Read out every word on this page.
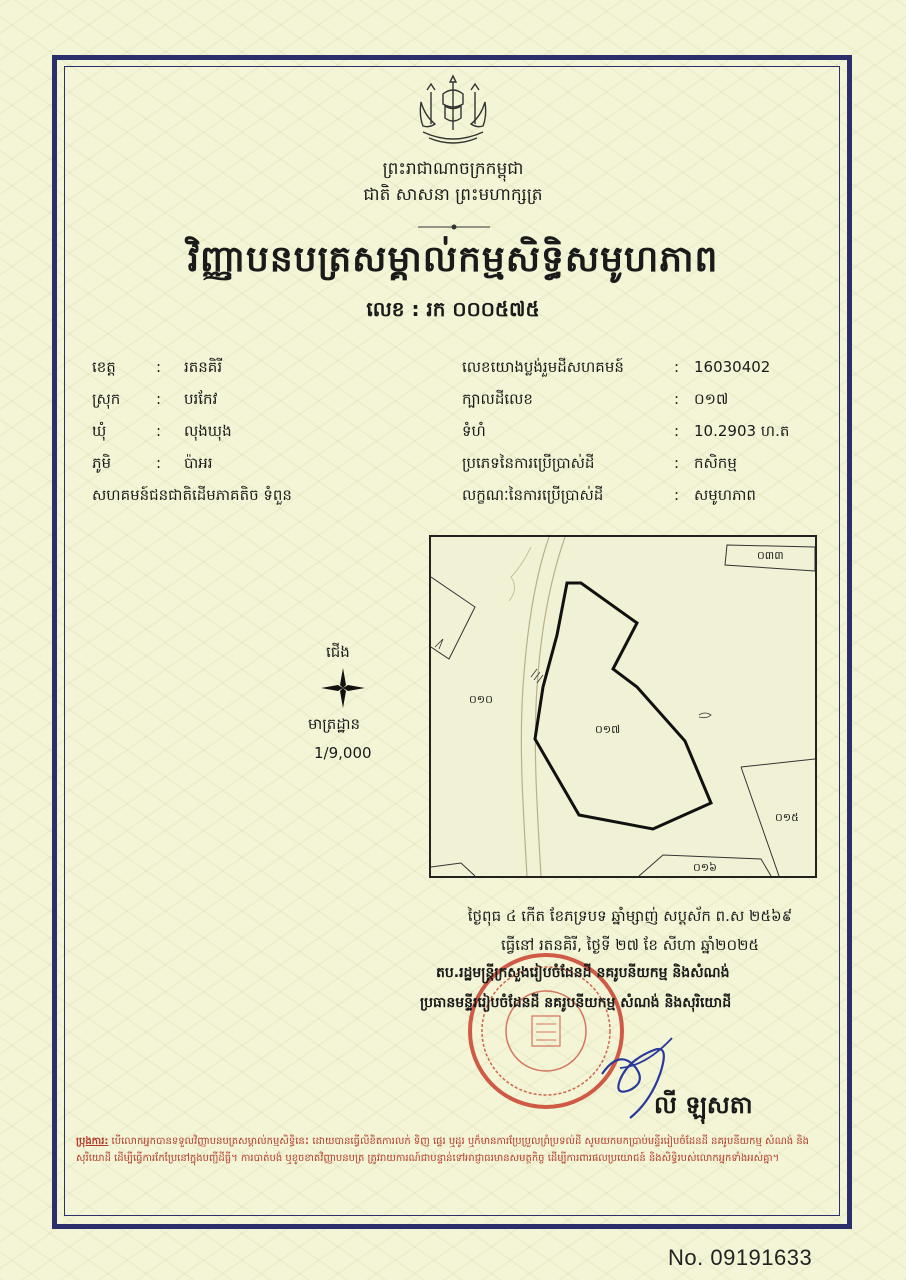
ព្រះរាជាណាចក្រកម្ពុជា
ជាតិ សាសនា ព្រះមហាក្សត្រ
វិញ្ញាបនបត្រសម្គាល់កម្មសិទ្ធិសមូហភាព
លេខ : រក ០០០៥៧៥
ខេត្ត	: រតនគិរី
ស្រុក : បរកែវ
ឃុំ	: លុងឃុង
ភូមិ	: ប៉ាអរ
សហគមន៍ជនជាតិដើមភាគតិច ទំពួន
លេខយោងប្លង់រួមដីសហគមន៍	: 16030402
ក្បាលដីលេខ	: ០១៧
ទំហំ	: 10.2903 ហ.ត
ប្រភេទនៃការប្រើប្រាស់ដី	: កសិកម្ម
លក្ខណៈនៃការប្រើប្រាស់ដី	: សមូហភាព
ជើង
មាត្រដ្ឋាន
1/9,000
០៣៣
០១០
០១៧
០១៥
០១៦
ថ្ងៃពុធ ៤ កើត ខែភទ្របទ ឆ្នាំម្សាញ់ សប្តស័ក ព.ស ២៥៦៩
ធ្វើនៅ រតនគិរី, ថ្ងៃទី ២៧ ខែ សីហា ឆ្នាំ២០២៥
តប.រដ្ឋមន្ត្រីក្រសួងរៀបចំដែនដី នគរូបនីយកម្ម និងសំណង់
ប្រធានមន្ទីររៀបចំដែនដី នគរូបនីយកម្ម សំណង់ និងសុរិយោដី
លី ឡុសតា
ប្រុងការ: បើលោកអ្នកបានទទួលវិញ្ញាបនបត្រសម្គាល់កម្មសិទ្ធិនេះ ដោយបានធ្វើលិខិតការលក់ ទិញ ផ្ទេរ ឬដូរ ឬក៏មានការប្រែប្រួលព្រំប្រទល់ដី សូមយកមកប្រាប់មន្ទីររៀបចំដែនដី នគរូបនីយកម្ម សំណង់ និងសុរិយោដី ដើម្បីធ្វើការកែប្រែនៅក្នុងបញ្ជីដីធ្លី។ ការបាត់បង់ ឬខូចខាតវិញ្ញាបនបត្រ ត្រូវរាយការណ៍ជាបន្ទាន់ទៅអាជ្ញាធរមានសមត្ថកិច្ច ដើម្បីការពារផលប្រយោជន៍ និងសិទ្ធិរបស់លោកអ្នកទាំងអស់គ្នា។
No. 09191633
